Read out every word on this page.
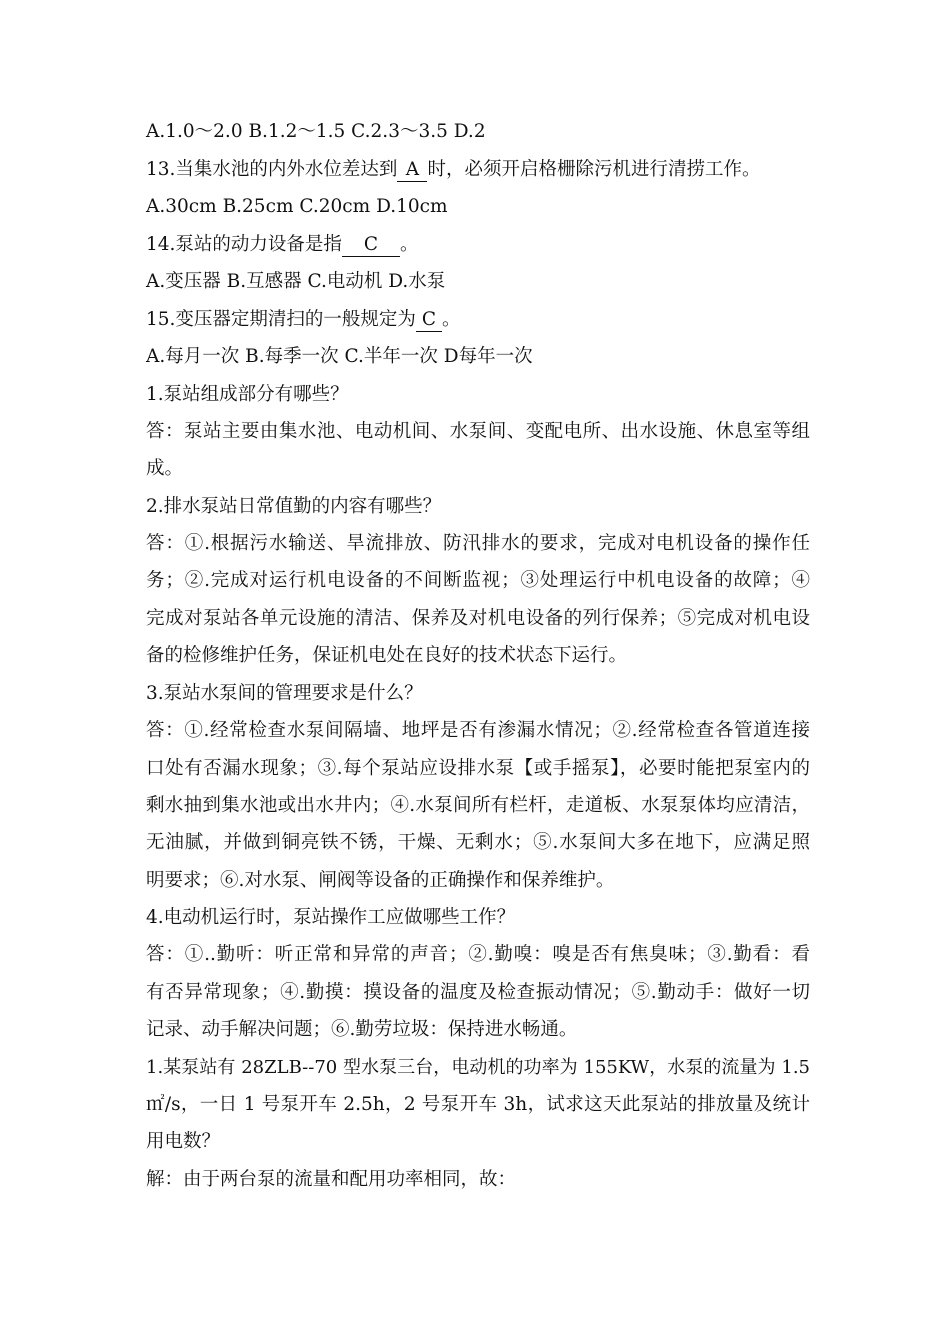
A.1.0～2.0 B.1.2～1.5 C.2.3～3.5 D.2
13.当集水池的内外水位差达到 A 时，必须开启格栅除污机进行清捞工作。
A.30cm B.25cm C.20cm D.10cm
14.泵站的动力设备是指 C 。
A.变压器 B.互感器 C.电动机 D.水泵
15.变压器定期清扫的一般规定为 C 。
A.每月一次 B.每季一次 C.半年一次 D每年一次
1.泵站组成部分有哪些？
答：泵站主要由集水池、电动机间、水泵间、变配电所、出水设施、休息室等组
成。
2.排水泵站日常值勤的内容有哪些？
答：①.根据污水输送、旱流排放、防汛排水的要求，完成对电机设备的操作任
务；②.完成对运行机电设备的不间断监视；③处理运行中机电设备的故障；④
完成对泵站各单元设施的清洁、保养及对机电设备的列行保养；⑤完成对机电设
备的检修维护任务，保证机电处在良好的技术状态下运行。
3.泵站水泵间的管理要求是什么？
答：①.经常检查水泵间隔墙、地坪是否有渗漏水情况；②.经常检查各管道连接
口处有否漏水现象；③.每个泵站应设排水泵【或手摇泵】，必要时能把泵室内的
剩水抽到集水池或出水井内；④.水泵间所有栏杆，走道板、水泵泵体均应清洁，
无油腻，并做到铜亮铁不锈，干燥、无剩水；⑤.水泵间大多在地下，应满足照
明要求；⑥.对水泵、闸阀等设备的正确操作和保养维护。
4.电动机运行时，泵站操作工应做哪些工作？
答：①..勤听：听正常和异常的声音；②.勤嗅：嗅是否有焦臭味；③.勤看：看
有否异常现象；④.勤摸：摸设备的温度及检查振动情况；⑤.勤动手：做好一切
记录、动手解决问题；⑥.勤劳垃圾：保持进水畅通。
1.某泵站有 28ZLB--70 型水泵三台，电动机的功率为 155KW，水泵的流量为 1.5
㎡/s，一日 1 号泵开车 2.5h，2 号泵开车 3h，试求这天此泵站的排放量及统计
用电数？
解：由于两台泵的流量和配用功率相同，故：
